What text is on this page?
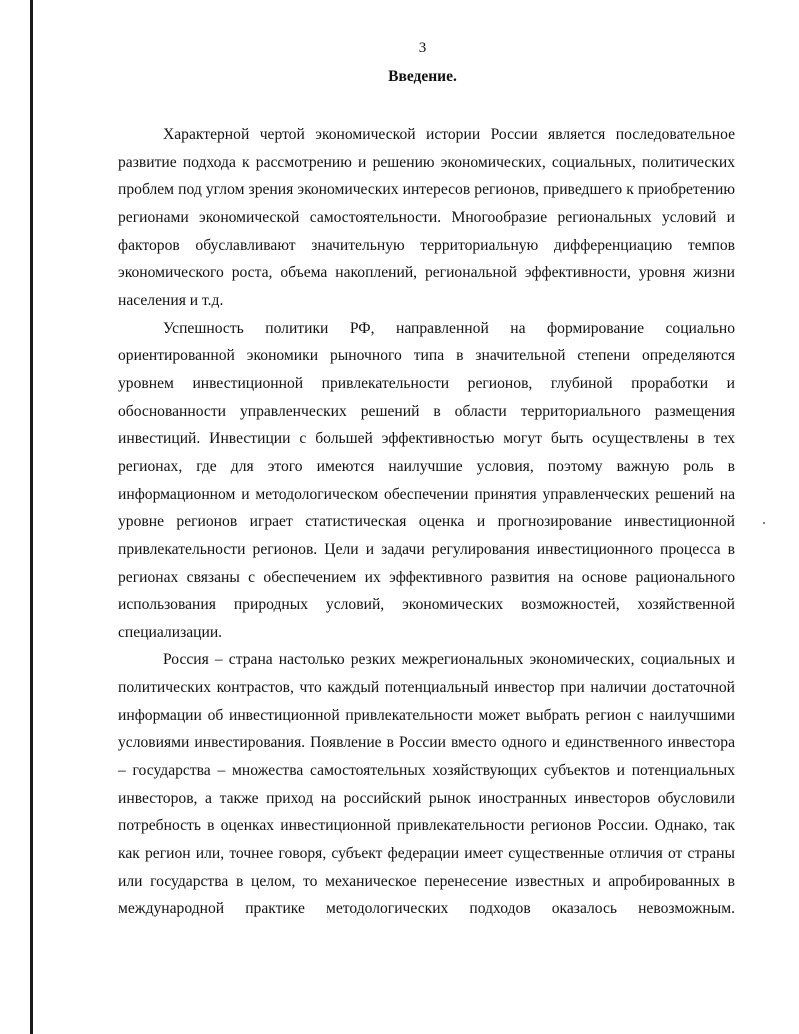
3
Введение.

Характерной чертой экономической истории России является последовательное развитие подхода к рассмотрению и решению экономических, социальных, политических проблем под углом зрения экономических интересов регионов, приведшего к приобретению регионами экономической самостоятельности. Многообразие региональных условий и факторов обуславливают значительную территориальную дифференциацию темпов экономического роста, объема накоплений, региональной эффективности, уровня жизни населения и т.д.

Успешность политики РФ, направленной на формирование социально ориентированной экономики рыночного типа в значительной степени определяются уровнем инвестиционной привлекательности регионов, глубиной проработки и обоснованности управленческих решений в области территориального размещения инвестиций. Инвестиции с большей эффективностью могут быть осуществлены в тех регионах, где для этого имеются наилучшие условия, поэтому важную роль в информационном и методологическом обеспечении принятия управленческих решений на уровне регионов играет статистическая оценка и прогнозирование инвестиционной привлекательности регионов. Цели и задачи регулирования инвестиционного процесса в регионах связаны с обеспечением их эффективного развития на основе рационального использования природных условий, экономических возможностей, хозяйственной специализации.

Россия – страна настолько резких межрегиональных экономических, социальных и политических контрастов, что каждый потенциальный инвестор при наличии достаточной информации об инвестиционной привлекательности может выбрать регион с наилучшими условиями инвестирования. Появление в России вместо одного и единственного инвестора – государства – множества самостоятельных хозяйствующих субъектов и потенциальных инвесторов, а также приход на российский рынок иностранных инвесторов обусловили потребность в оценках инвестиционной привлекательности регионов России. Однако, так как регион или, точнее говоря, субъект федерации имеет существенные отличия от страны или государства в целом, то механическое перенесение известных и апробированных в международной практике методологических подходов оказалось невозможным.
